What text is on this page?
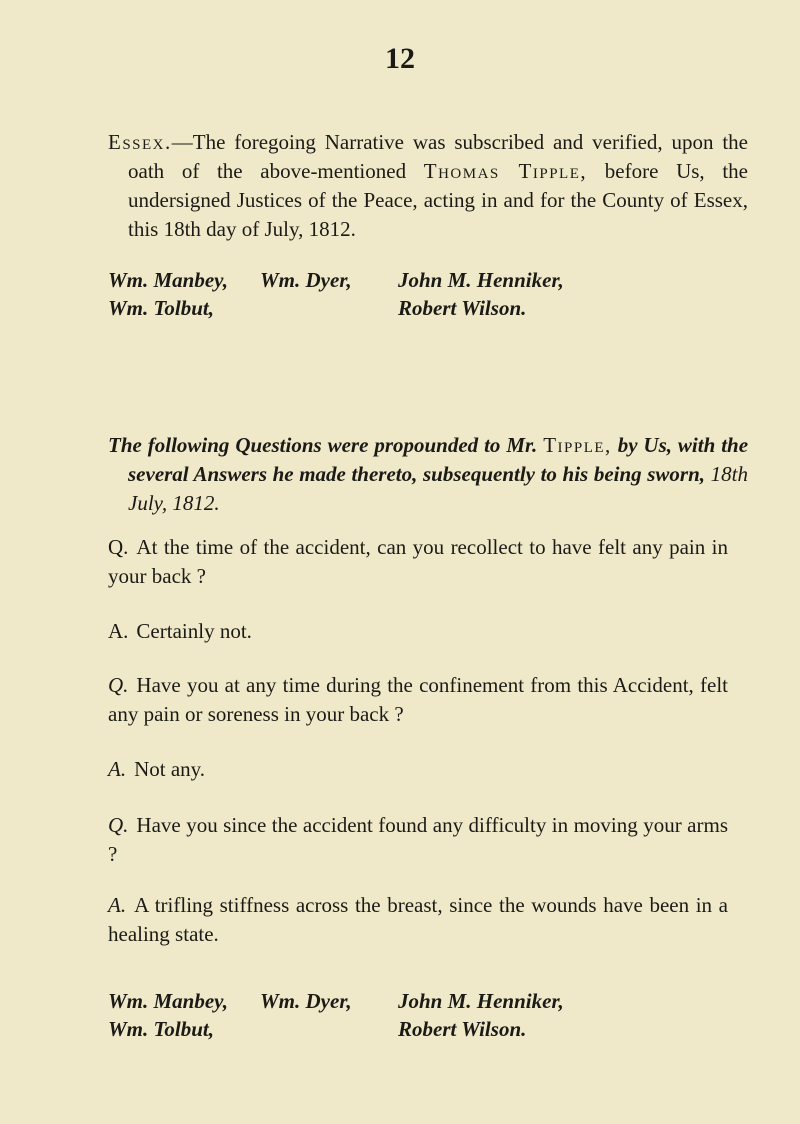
12

Essex.—The foregoing Narrative was subscribed and verified, upon the oath of the above-mentioned Thomas Tipple, before Us, the undersigned Justices of the Peace, acting in and for the County of Essex, this 18th day of July, 1812.

Wm. Manbey, Wm. Dyer, John M. Henniker,
Wm. Tolbut,	Robert Wilson.

The following Questions were propounded to Mr. Tipple, by Us, with the several Answers he made thereto, subsequently to his being sworn, 18th July, 1812.

Q. At the time of the accident, can you recollect to have felt any pain in your back ?

A. Certainly not.

Q. Have you at any time during the confinement from this Accident, felt any pain or soreness in your back ?

A. Not any.

Q. Have you since the accident found any difficulty in moving your arms ?

A. A trifling stiffness across the breast, since the wounds have been in a healing state.

Wm. Manbey, Wm. Dyer, John M. Henniker,
Wm. Tolbut,	Robert Wilson.
